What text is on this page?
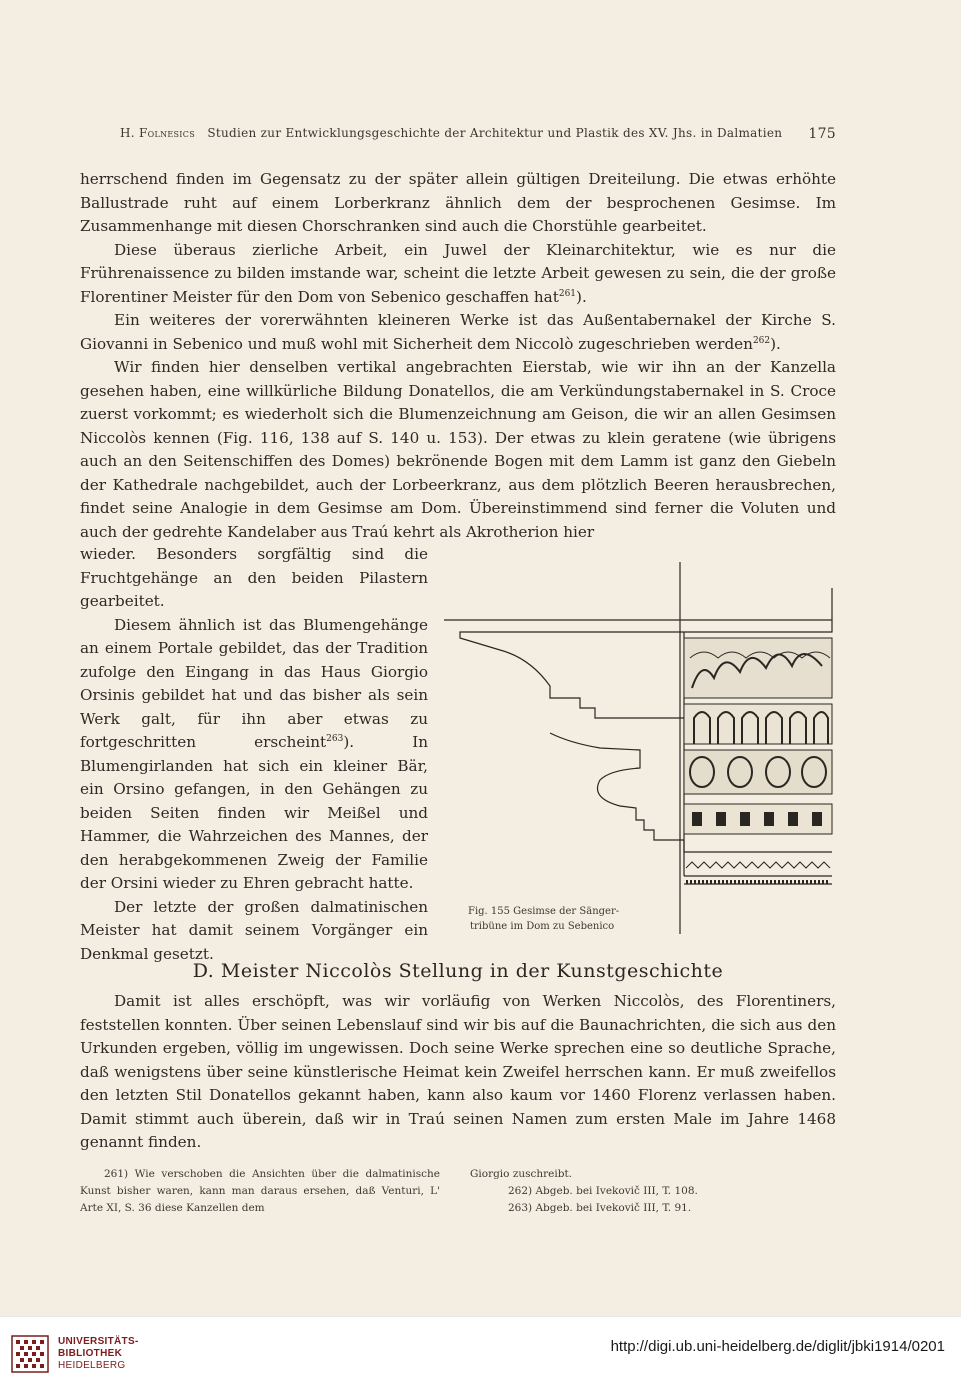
H. Folnesics Studien zur Entwicklungsgeschichte der Architektur und Plastik des XV. Jhs. in Dalmatien 175

herrschend finden im Gegensatz zu der später allein gültigen Dreiteilung. Die etwas erhöhte Ballustrade ruht auf einem Lorberkranz ähnlich dem der besprochenen Gesimse. Im Zusammenhange mit diesen Chorschranken sind auch die Chorstühle gearbeitet.

Diese überaus zierliche Arbeit, ein Juwel der Kleinarchitektur, wie es nur die Frührenaissence zu bilden imstande war, scheint die letzte Arbeit gewesen zu sein, die der große Florentiner Meister für den Dom von Sebenico geschaffen hat$^{261}$).

Ein weiteres der vorerwähnten kleineren Werke ist das Außentabernakel der Kirche S. Giovanni in Sebenico und muß wohl mit Sicherheit dem Niccolò zugeschrieben werden$^{262}$).

Wir finden hier denselben vertikal angebrachten Eierstab, wie wir ihn an der Kanzella gesehen haben, eine willkürliche Bildung Donatellos, die am Verkündungstabernakel in S. Croce zuerst vorkommt; es wiederholt sich die Blumenzeichnung am Geison, die wir an allen Gesimsen Niccolòs kennen (Fig. 116, 138 auf S. 140 u. 153). Der etwas zu klein geratene (wie übrigens auch an den Seitenschiffen des Domes) bekrönende Bogen mit dem Lamm ist ganz den Giebeln der Kathedrale nachgebildet, auch der Lorbeerkranz, aus dem plötzlich Beeren herausbrechen, findet seine Analogie in dem Gesimse am Dom. Übereinstimmend sind ferner die Voluten und auch der gedrehte Kandelaber aus Traú kehrt als Akrotherion hier

wieder. Besonders sorgfältig sind die Fruchtgehänge an den beiden Pilastern gearbeitet.

Diesem ähnlich ist das Blumengehänge an einem Portale gebildet, das der Tradition zufolge den Eingang in das Haus Giorgio Orsinis gebildet hat und das bisher als sein Werk galt, für ihn aber etwas zu fortgeschritten erscheint$^{263}$). In Blumengirlanden hat sich ein kleiner Bär, ein Orsino gefangen, in den Gehängen zu beiden Seiten finden wir Meißel und Hammer, die Wahrzeichen des Mannes, der den herabgekommenen Zweig der Familie der Orsini wieder zu Ehren gebracht hatte.

Der letzte der großen dalmatinischen Meister hat damit seinem Vorgänger ein Denkmal gesetzt.

Fig. 155 Gesimse der Sänger-
tribüne im Dom zu Sebenico
D. Meister Niccolòs Stellung in der Kunstgeschichte

Damit ist alles erschöpft, was wir vorläufig von Werken Niccolòs, des Florentiners, feststellen konnten. Über seinen Lebenslauf sind wir bis auf die Baunachrichten, die sich aus den Urkunden ergeben, völlig im ungewissen. Doch seine Werke sprechen eine so deutliche Sprache, daß wenigstens über seine künstlerische Heimat kein Zweifel herrschen kann. Er muß zweifellos den letzten Stil Donatellos gekannt haben, kann also kaum vor 1460 Florenz verlassen haben. Damit stimmt auch überein, daß wir in Traú seinen Namen zum ersten Male im Jahre 1468 genannt finden.

261) Wie verschoben die Ansichten über die dalmatinische Kunst bisher waren, kann man daraus ersehen, daß Venturi, L' Arte XI, S. 36 diese Kanzellen dem

Giorgio zuschreibt.

262) Abgeb. bei Ivekovič III, T. 108.

263) Abgeb. bei Ivekovič III, T. 91.

UNIVERSITÄTS-
BIBLIOTHEK
HEIDELBERG
http://digi.ub.uni-heidelberg.de/diglit/jbki1914/0201
